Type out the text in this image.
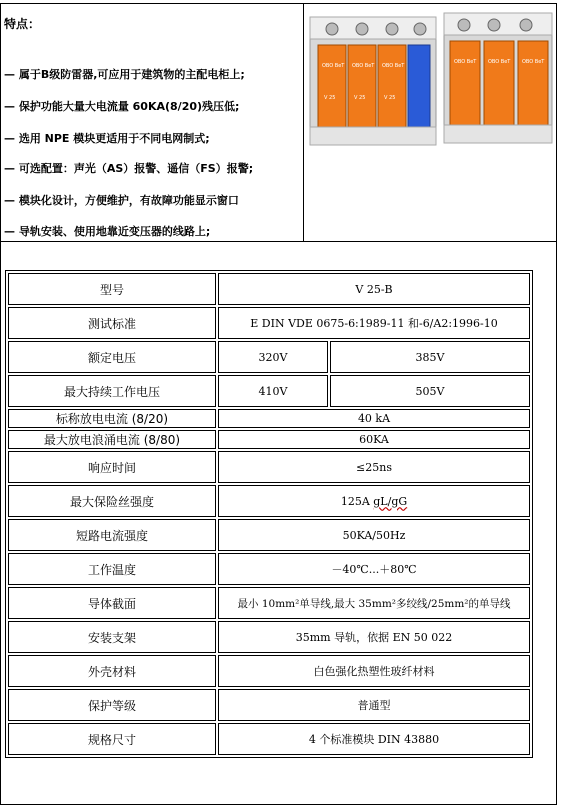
特点：
— 属于B级防雷器,可应用于建筑物的主配电柜上;
— 保护功能大量大电流量 60KA(8/20)残压低;
— 选用 NPE 模块更适用于不同电网制式;
— 可选配置：声光（AS）报警、遥信（FS）报警;
— 模块化设计，方便维护，有故障功能显示窗口
— 导轨安装、使用地靠近变压器的线路上;
OBO BeT OBO BeT OBO BeT
V 25	V 25	V 25
OBO BeT OBO BeT OBO BeT
型号	V 25-B	
测试标准	E DIN VDE 0675-6:1989-11 和-6/A2:1996-10	
额定电压	320V	385V
最大持续工作电压	410V	505V
标称放电电流 (8/20)	40 kA	
最大放电浪涌电流 (8/80)	60KA	
响应时间	≤25ns	
最大保险丝强度	125A gL/gG	
短路电流强度	50KA/50Hz	
工作温度	－40℃...＋80℃	
导体截面	最小 10mm²单导线,最大 35mm²多绞线/25mm²的单导线	
安装支架	35mm 导轨，依据 EN 50 022	
外壳材料	白色强化热塑性玻纤材料	
保护等级	普通型	
规格尺寸	4 个标准模块 DIN 43880	
